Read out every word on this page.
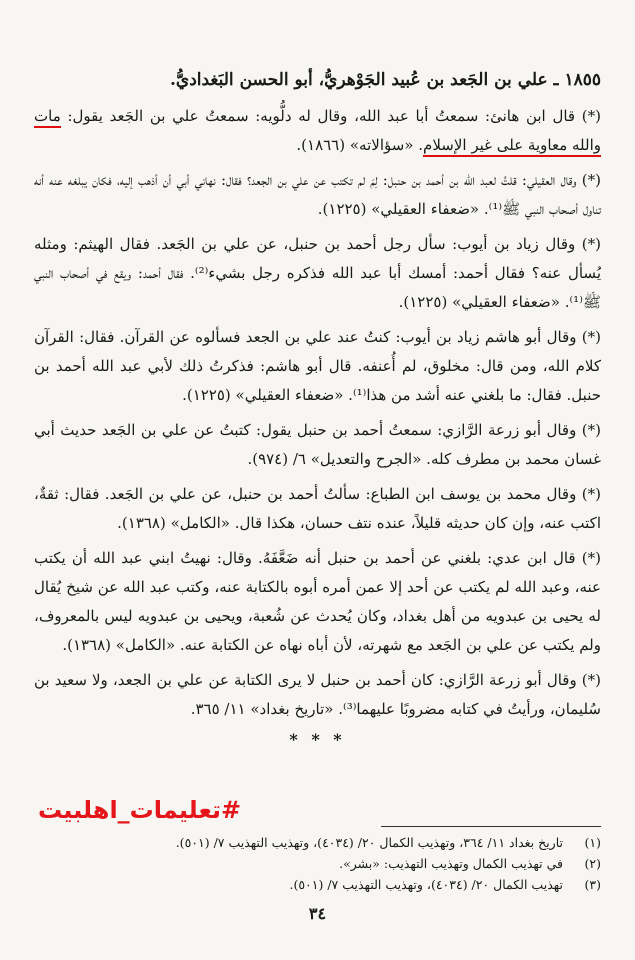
١٨٥٥ ـ علي بن الجَعد بن عُبيد الجَوْهريُّ، أبو الحسن البَغداديُّ.

(*) قال ابن هانئ: سمعتُ أبا عبد الله، وقال له دلُّويه: سمعتُ علي بن الجَعد يقول: مات والله معاوية على غير الإسلام. «سؤالاته» (١٨٦٦).

(*) وقال العقيلي: قلتُ لعبد الله بن أحمد بن حنبل: لِمَ لم تكتب عن علي بن الجعد؟ فقال: نهاني أبي أن أذهب إليه، فكان يبلغه عنه أنه تناول أصحاب النبي ﷺ⁽¹⁾. «ضعفاء العقيلي» (١٢٢٥).

(*) وقال زياد بن أيوب: سأل رجل أحمد بن حنبل، عن علي بن الجَعد. فقال الهيثم: ومثله يُسأل عنه؟ فقال أحمد: أمسك أبا عبد الله فذكره رجل بشيء⁽²⁾. فقال أحمد: ويقع في أصحاب النبي ﷺ⁽¹⁾. «ضعفاء العقيلي» (١٢٢٥).

(*) وقال أبو هاشم زياد بن أيوب: كنتُ عند علي بن الجعد فسألوه عن القرآن. فقال: القرآن كلام الله، ومن قال: مخلوق، لم أُعنفه. قال أبو هاشم: فذكرتُ ذلك لأبي عبد الله أحمد بن حنبل. فقال: ما بلغني عنه أشد من هذا⁽¹⁾. «ضعفاء العقيلي» (١٢٢٥).

(*) وقال أبو زرعة الرَّازي: سمعتُ أحمد بن حنبل يقول: كتبتُ عن علي بن الجَعد حديث أبي غسان محمد بن مطرف كله. «الجرح والتعديل» ٦/ (٩٧٤).

(*) وقال محمد بن يوسف ابن الطباع: سألتُ أحمد بن حنبل، عن علي بن الجَعد. فقال: ثقةٌ، اكتب عنه، وإن كان حديثه قليلاً، عنده نتف حسان، هكذا قال. «الكامل» (١٣٦٨).

(*) قال ابن عدي: بلغني عن أحمد بن حنبل أنه ضَعَّفَهُ. وقال: نهيتُ ابني عبد الله أن يكتب عنه، وعبد الله لم يكتب عن أحد إلا عمن أمره أبوه بالكتابة عنه، وكتب عبد الله عن شيخ يُقال له يحيى بن عبدويه من أهل بغداد، وكان يُحدث عن شُعبة، ويحيى بن عبدويه ليس بالمعروف، ولم يكتب عن علي بن الجَعد مع شهرته، لأن أباه نهاه عن الكتابة عنه. «الكامل» (١٣٦٨).

(*) وقال أبو زرعة الرَّازي: كان أحمد بن حنبل لا يرى الكتابة عن علي بن الجعد، ولا سعيد بن سُليمان، ورأيتُ في كتابه مضروبًا عليهما⁽³⁾. «تاريخ بغداد» ١١/ ٣٦٥.

* * *
#تعليمات_اهلبيت
(١)
تاريخ بغداد ١١/ ٣٦٤، وتهذيب الكمال ٢٠/ (٤٠٣٤)، وتهذيب التهذيب ٧/ (٥٠١).
(٢)
في تهذيب الكمال وتهذيب التهذيب: «بشر».
(٣)
تهذيب الكمال ٢٠/ (٤٠٣٤)، وتهذيب التهذيب ٧/ (٥٠١).
٣٤
